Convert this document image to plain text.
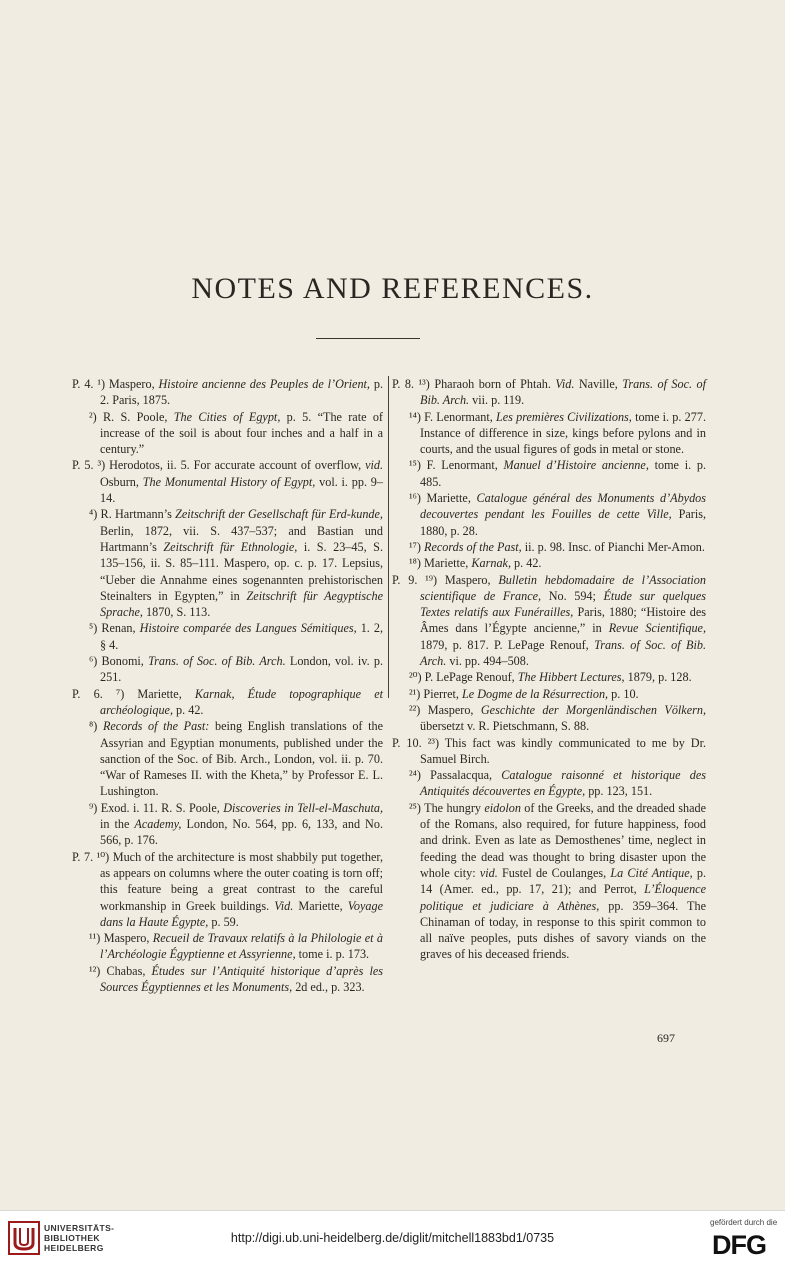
NOTES AND REFERENCES.

P. 4. ¹) Maspero, Histoire ancienne des Peuples de l’Orient, p. 2. Paris, 1875.

²) R. S. Poole, The Cities of Egypt, p. 5. “The rate of increase of the soil is about four inches and a half in a century.”

P. 5. ³) Herodotos, ii. 5. For accurate account of overflow, vid. Osburn, The Monumental History of Egypt, vol. i. pp. 9–14.

⁴) R. Hartmann’s Zeitschrift der Gesellschaft für Erd-kunde, Berlin, 1872, vii. S. 437–537; and Bastian und Hartmann’s Zeitschrift für Ethnologie, i. S. 23–45, S. 135–156, ii. S. 85–111. Maspero, op. c. p. 17. Lepsius, “Ueber die Annahme eines sogenannten prehistorischen Steinalters in Egypten,” in Zeitschrift für Aegyptische Sprache, 1870, S. 113.

⁵) Renan, Histoire comparée des Langues Sémitiques, 1. 2, § 4.

⁶) Bonomi, Trans. of Soc. of Bib. Arch. London, vol. iv. p. 251.

P. 6. ⁷) Mariette, Karnak, Étude topographique et archéologique, p. 42.

⁸) Records of the Past: being English translations of the Assyrian and Egyptian monuments, published under the sanction of the Soc. of Bib. Arch., London, vol. ii. p. 70. “War of Rameses II. with the Kheta,” by Professor E. L. Lushington.

⁹) Exod. i. 11. R. S. Poole, Discoveries in Tell-el-Maschuta, in the Academy, London, No. 564, pp. 6, 133, and No. 566, p. 176.

P. 7. ¹⁰) Much of the architecture is most shabbily put together, as appears on columns where the outer coating is torn off; this feature being a great contrast to the careful workmanship in Greek buildings. Vid. Mariette, Voyage dans la Haute Égypte, p. 59.

¹¹) Maspero, Recueil de Travaux relatifs à la Philologie et à l’Archéologie Égyptienne et Assyrienne, tome i. p. 173.

¹²) Chabas, Études sur l’Antiquité historique d’après les Sources Égyptiennes et les Monuments, 2d ed., p. 323.

P. 8. ¹³) Pharaoh born of Phtah. Vid. Naville, Trans. of Soc. of Bib. Arch. vii. p. 119.

¹⁴) F. Lenormant, Les premières Civilizations, tome i. p. 277. Instance of difference in size, kings before pylons and in courts, and the usual figures of gods in metal or stone.

¹⁵) F. Lenormant, Manuel d’Histoire ancienne, tome i. p. 485.

¹⁶) Mariette, Catalogue général des Monuments d’Abydos decouvertes pendant les Fouilles de cette Ville, Paris, 1880, p. 28.

¹⁷) Records of the Past, ii. p. 98. Insc. of Pianchi Mer-Amon.

¹⁸) Mariette, Karnak, p. 42.

P. 9. ¹⁹) Maspero, Bulletin hebdomadaire de l’Association scientifique de France, No. 594; Étude sur quelques Textes relatifs aux Funérailles, Paris, 1880; “Histoire des Âmes dans l’Égypte ancienne,” in Revue Scientifique, 1879, p. 817. P. LePage Renouf, Trans. of Soc. of Bib. Arch. vi. pp. 494–508.

²⁰) P. LePage Renouf, The Hibbert Lectures, 1879, p. 128.

²¹) Pierret, Le Dogme de la Résurrection, p. 10.

²²) Maspero, Geschichte der Morgenländischen Völkern, übersetzt v. R. Pietschmann, S. 88.

P. 10. ²³) This fact was kindly communicated to me by Dr. Samuel Birch.

²⁴) Passalacqua, Catalogue raisonné et historique des Antiquités découvertes en Égypte, pp. 123, 151.

²⁵) The hungry eidolon of the Greeks, and the dreaded shade of the Romans, also required, for future happiness, food and drink. Even as late as Demosthenes’ time, neglect in feeding the dead was thought to bring disaster upon the whole city: vid. Fustel de Coulanges, La Cité Antique, p. 14 (Amer. ed., pp. 17, 21); and Perrot, L’Éloquence politique et judiciare à Athènes, pp. 359–364. The Chinaman of today, in response to this spirit common to all naïve peoples, puts dishes of savory viands on the graves of his deceased friends.

697
UNIVERSITÄTS-
BIBLIOTHEK
HEIDELBERG
http://digi.ub.uni-heidelberg.de/diglit/mitchell1883bd1/0735
gefördert durch die
DFG
